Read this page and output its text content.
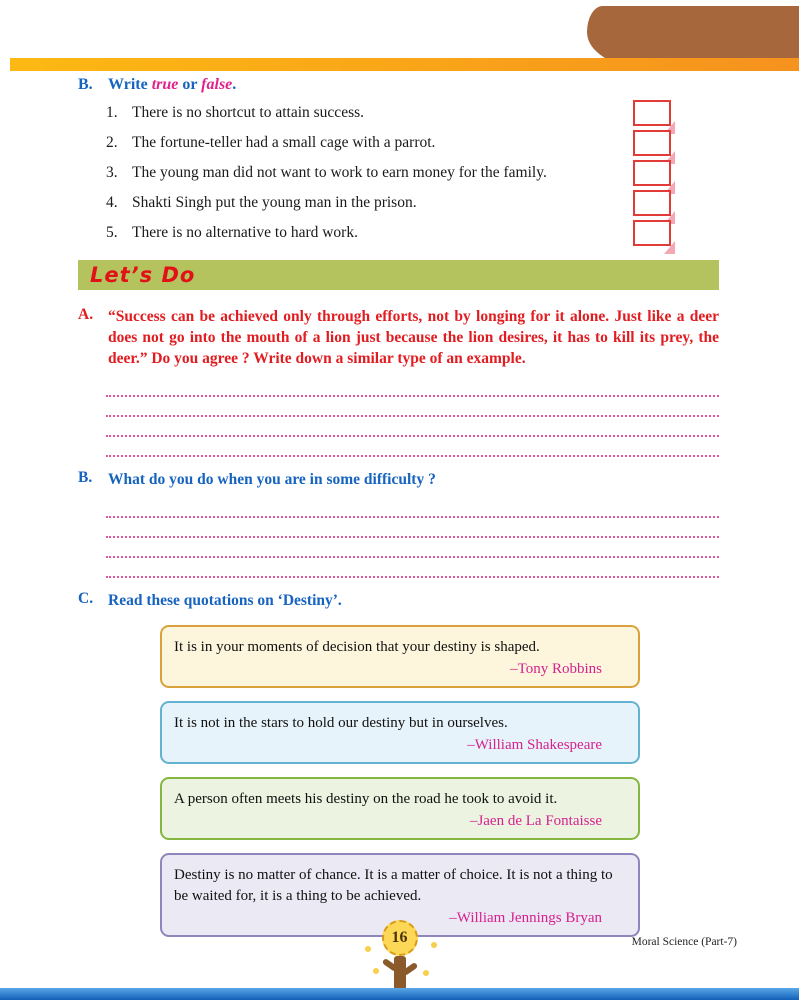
B. Write true or false.
1. There is no shortcut to attain success.
2. The fortune-teller had a small cage with a parrot.
3. The young man did not want to work to earn money for the family.
4. Shakti Singh put the young man in the prison.
5. There is no alternative to hard work.
Let’s Do
A. “Success can be achieved only through efforts, not by longing for it alone. Just like a deer does not go into the mouth of a lion just because the lion desires, it has to kill its prey, the deer.” Do you agree ? Write down a similar type of an example.
B.	What do you do when you are in some difficulty ?
C. Read these quotations on ‘Destiny’.
It is in your moments of decision that your destiny is shaped.
–Tony Robbins
It is not in the stars to hold our destiny but in ourselves.
–William Shakespeare
A person often meets his destiny on the road he took to avoid it.
–Jaen de La Fontaisse
Destiny is no matter of chance. It is a matter of choice. It is not a thing to be waited for, it is a thing to be achieved.
–William Jennings Bryan
16	Moral Science (Part-7)
